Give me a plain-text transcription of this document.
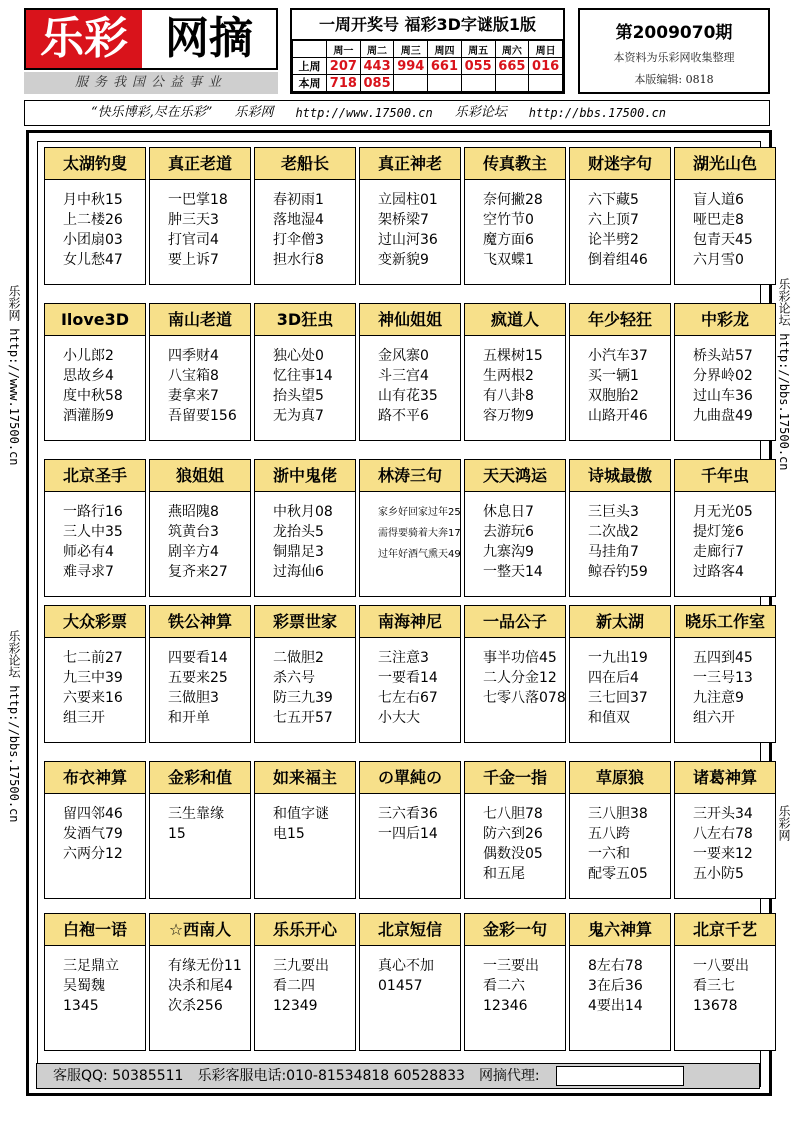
乐彩 网摘
服务我国公益事业
一周开奖号 福彩3D字谜版1版
	周一	周二	周三	周四	周五	周六	周日
上周	207	443	994	661	055	665	016
本周	718	085					
第2009070期
本资料为乐彩网收集整理
本版编辑: 0818
“快乐博彩,尽在乐彩” 乐彩网 http://www.17500.cn 乐彩论坛 http://bbs.17500.cn
乐彩网 http://www.17500.cn
乐彩论坛 http://bbs.17500.cn
乐彩论坛 http://bbs.17500.cn
乐彩网
太湖钓叟
月中秋15
上二楼26
小团扇03
女儿愁47
真正老道
一巴掌18
肿三天3
打官司4
要上诉7
老船长
春初雨1
落地湿4
打伞僧3
担水行8
真正神老
立园柱01
架桥梁7
过山河36
变新貌9
传真教主
奈何撇28
空竹节0
魔方面6
飞双蝶1
财迷字句
六下藏5
六上顶7
论半劈2
倒着组46
湖光山色
盲人道6
哑巴走8
包青天45
六月雪0
Ilove3D
小儿郎2
思故乡4
度中秋58
酒灌肠9
南山老道
四季财4
八宝箱8
妻拿来7
吾留要156
3D狂虫
独心处0
忆往事14
抬头望5
无为真7
神仙姐姐
金风寨0
斗三宫4
山有花35
路不平6
疯道人
五棵树15
生两根2
有八卦8
容万物9
年少轻狂
小汽车37
买一辆1
双胞胎2
山路开46
中彩龙
桥头站57
分界岭02
过山车36
九曲盘49
北京圣手
一路行16
三人中35
师必有4
难寻求7
狼姐姐
燕昭隗8
筑黄台3
剧辛方4
复齐来27
浙中鬼佬
中秋月08
龙抬头5
铜鼎足3
过海仙6
林涛三句
家乡好回家过年25
需得要骑着大奔17
过年好酒气熏天49
天天鸿运
休息日7
去游玩6
九寨沟9
一整天14
诗城最傲
三巨头3
二次战2
马挂角7
鲸吞钓59
千年虫
月无光05
提灯笼6
走廊行7
过路客4
大众彩票
七二前27
九三中39
六要来16
组三开
铁公神算
四要看14
五要来25
三做胆3
和开单
彩票世家
二做胆2
杀六号
防三九39
七五开57
南海神尼
三注意3
一要看14
七左右67
小大大
一品公子
事半功倍45
二人分金12
七零八落078
新太湖
一九出19
四在后4
三七回37
和值双
晓乐工作室
五四到45
一三号13
九注意9
组六开
布衣神算
留四邻46
发酒气79
六两分12
金彩和值
三生靠缘
15
如来福主
和值字谜
电15
の單純の
三六看36
一四后14
千金一指
七八胆78
防六到26
偶数没05
和五尾
草原狼
三八胆38
五八跨
一六和
配零五05
诸葛神算
三开头34
八左右78
一要来12
五小防5
白袍一语
三足鼎立
吴蜀魏
1345
☆西南人
有缘无份11
决杀和尾4
次杀256
乐乐开心
三九要出
看二四
12349
北京短信
真心不加
01457
金彩一句
一三要出
看二六
12346
鬼六神算
8左右78
3在后36
4要出14
北京千艺
一八要出
看三七
13678
客服QQ: 50385511 乐彩客服电话:010-81534818 60528833 网摘代理:
